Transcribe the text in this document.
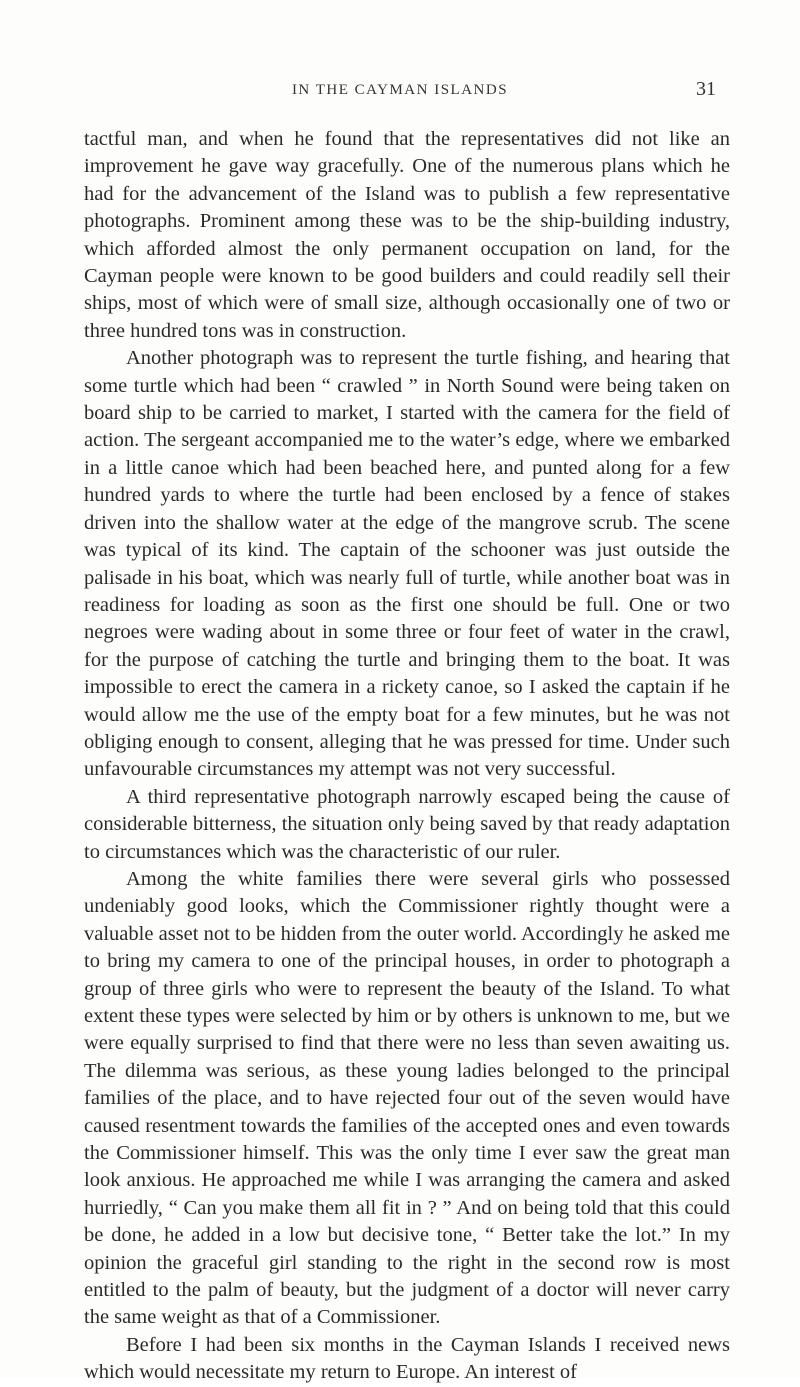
IN THE CAYMAN ISLANDS	31

tactful man, and when he found that the representatives did not like an improvement he gave way gracefully. One of the numerous plans which he had for the advancement of the Island was to publish a few representative photographs. Prominent among these was to be the ship-building industry, which afforded almost the only permanent occupation on land, for the Cayman people were known to be good builders and could readily sell their ships, most of which were of small size, although occasionally one of two or three hundred tons was in construction.

Another photograph was to represent the turtle fishing, and hearing that some turtle which had been “ crawled ” in North Sound were being taken on board ship to be carried to market, I started with the camera for the field of action. The sergeant accompanied me to the water’s edge, where we embarked in a little canoe which had been beached here, and punted along for a few hundred yards to where the turtle had been enclosed by a fence of stakes driven into the shallow water at the edge of the mangrove scrub. The scene was typical of its kind. The captain of the schooner was just outside the palisade in his boat, which was nearly full of turtle, while another boat was in readiness for loading as soon as the first one should be full. One or two negroes were wading about in some three or four feet of water in the crawl, for the purpose of catching the turtle and bringing them to the boat. It was impossible to erect the camera in a rickety canoe, so I asked the captain if he would allow me the use of the empty boat for a few minutes, but he was not obliging enough to consent, alleging that he was pressed for time. Under such unfavourable circumstances my attempt was not very successful.

A third representative photograph narrowly escaped being the cause of considerable bitterness, the situation only being saved by that ready adaptation to circumstances which was the characteristic of our ruler.

Among the white families there were several girls who possessed undeniably good looks, which the Commissioner rightly thought were a valuable asset not to be hidden from the outer world. Accordingly he asked me to bring my camera to one of the principal houses, in order to photograph a group of three girls who were to represent the beauty of the Island. To what extent these types were selected by him or by others is unknown to me, but we were equally surprised to find that there were no less than seven awaiting us. The dilemma was serious, as these young ladies belonged to the principal families of the place, and to have rejected four out of the seven would have caused resentment towards the families of the accepted ones and even towards the Commissioner himself. This was the only time I ever saw the great man look anxious. He approached me while I was arranging the camera and asked hurriedly, “ Can you make them all fit in ? ” And on being told that this could be done, he added in a low but decisive tone, “ Better take the lot.” In my opinion the graceful girl standing to the right in the second row is most entitled to the palm of beauty, but the judgment of a doctor will never carry the same weight as that of a Commissioner.

Before I had been six months in the Cayman Islands I received news which would necessitate my return to Europe. An interest of
